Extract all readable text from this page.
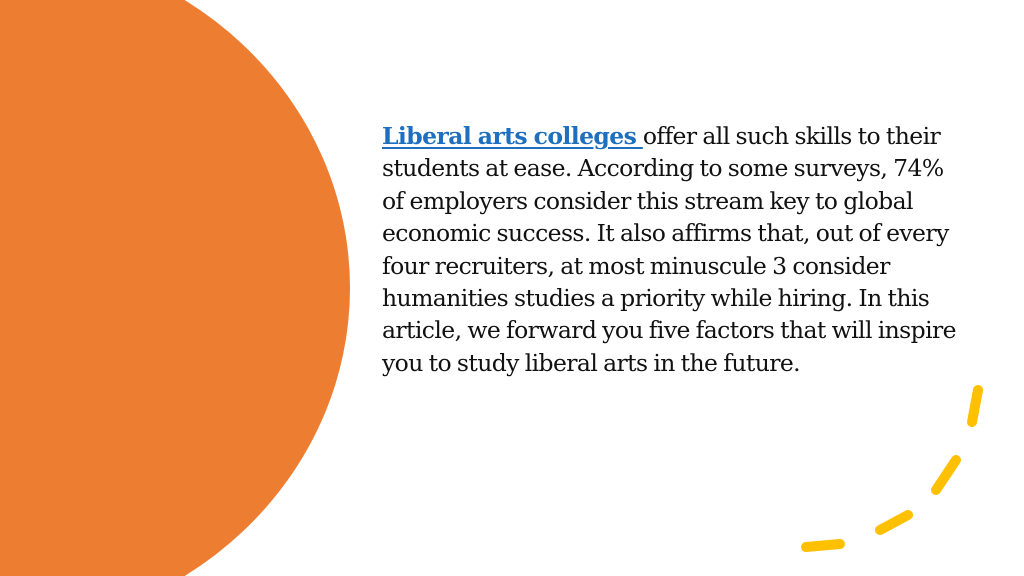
Liberal arts colleges offer all such skills to their students at ease. According to some surveys, 74% of employers consider this stream key to global economic success. It also affirms that, out of every four recruiters, at most minuscule 3 consider humanities studies a priority while hiring. In this article, we forward you five factors that will inspire you to study liberal arts in the future.
